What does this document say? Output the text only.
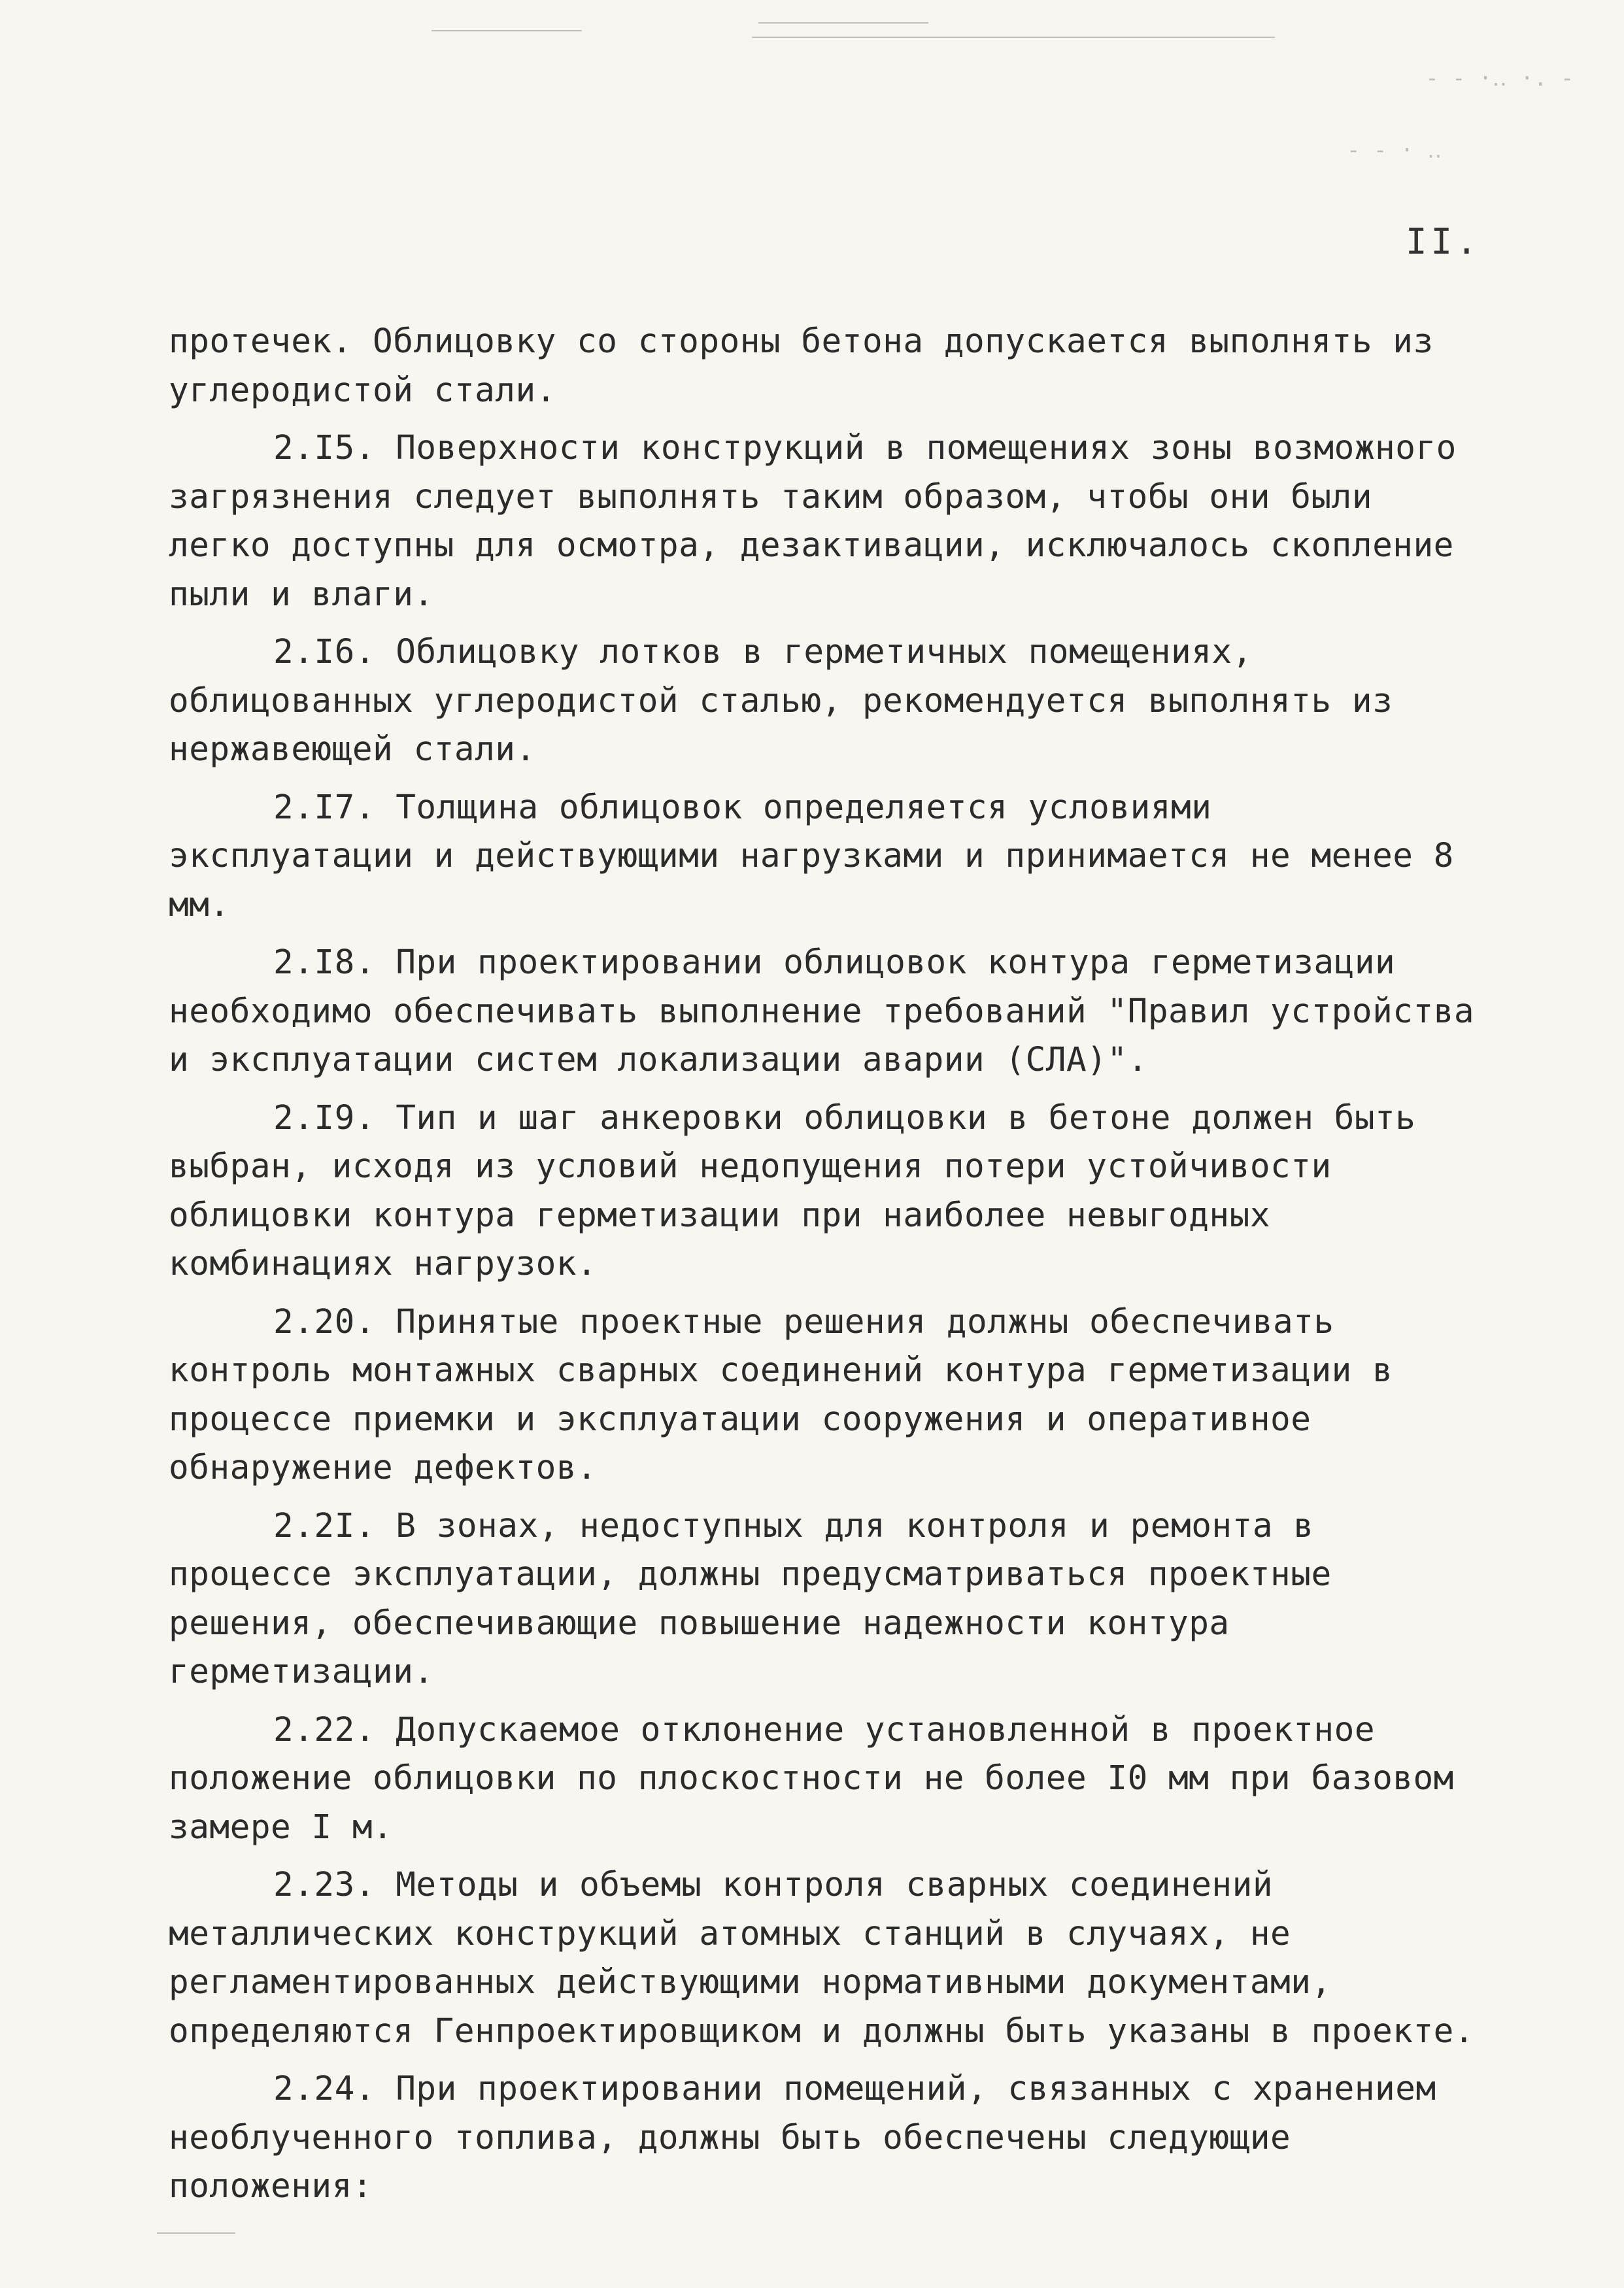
- - ·‥ ·. -
- - · ‥
II.

протечек. Облицовку со стороны бетона допускается выполнять из углеродистой стали.

2.I5. Поверхности конструкций в помещениях зоны возможного загрязнения следует выполнять таким образом, чтобы они были легко доступны для осмотра, дезактивации, исключалось скопление пыли и влаги.

2.I6. Облицовку лотков в герметичных помещениях, облицованных углеродистой сталью, рекомендуется выполнять из нержавеющей стали.

2.I7. Толщина облицовок определяется условиями эксплуатации и действующими нагрузками и принимается не менее 8 мм.

2.I8. При проектировании облицовок контура герметизации необходимо обеспечивать выполнение требований "Правил устройства и эксплуатации систем локализации аварии (СЛА)".

2.I9. Тип и шаг анкеровки облицовки в бетоне должен быть выбран, исходя из условий недопущения потери устойчивости облицовки контура герметизации при наиболее невыгодных комбинациях нагрузок.

2.20. Принятые проектные решения должны обеспечивать контроль монтажных сварных соединений контура герметизации в процессе приемки и эксплуатации сооружения и оперативное обнаружение дефектов.

2.2I. В зонах, недоступных для контроля и ремонта в процессе эксплуатации, должны предусматриваться проектные решения, обеспечивающие повышение надежности контура герметизации.

2.22. Допускаемое отклонение установленной в проектное положение облицовки по плоскостности не более I0 мм при базовом замере I м.

2.23. Методы и объемы контроля сварных соединений металлических конструкций атомных станций в случаях, не регламентированных действующими нормативными документами, определяются Генпроектировщиком и должны быть указаны в проекте.

2.24. При проектировании помещений, связанных с хранением необлученного топлива, должны быть обеспечены следующие положения:
